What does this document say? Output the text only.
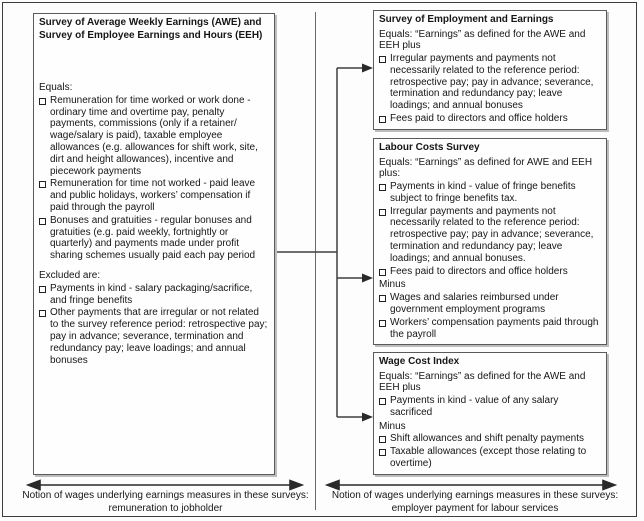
Survey of Average Weekly Earnings (AWE) and Survey of Employee Earnings and Hours (EEH)
Equals:
Remuneration for time worked or work done - ordinary time and overtime pay, penalty payments, commissions (only if a retainer/ wage/salary is paid), taxable employee allowances (e.g. allowances for shift work, site, dirt and height allowances), incentive and piecework payments
Remuneration for time not worked - paid leave and public holidays, workers’ compensation if paid through the payroll
Bonuses and gratuities - regular bonuses and gratuities (e.g. paid weekly, fortnightly or quarterly) and payments made under profit sharing schemes usually paid each pay period
Excluded are:
Payments in kind - salary packaging/sacrifice, and fringe benefits
Other payments that are irregular or not related to the survey reference period: retrospective pay; pay in advance; severance, termination and redundancy pay; leave loadings; and annual bonuses
Survey of Employment and Earnings
Equals: “Earnings” as defined for the AWE and EEH plus
Irregular payments and payments not necessarily related to the reference period: retrospective pay; pay in advance; severance, termination and redundancy pay; leave loadings; and annual bonuses
Fees paid to directors and office holders
Labour Costs Survey
Equals: “Earnings” as defined for AWE and EEH plus:
Payments in kind - value of fringe benefits subject to fringe benefits tax.
Irregular payments and payments not necessarily related to the reference period: retrospective pay; pay in advance; severance, termination and redundancy pay; leave loadings; and annual bonuses.
Fees paid to directors and office holders
Minus
Wages and salaries reimbursed under government employment programs
Workers’ compensation payments paid through the payroll
Wage Cost Index
Equals: “Earnings” as defined for the AWE and EEH plus
Payments in kind - value of any salary sacrificed
Minus
Shift allowances and shift penalty payments
Taxable allowances (except those relating to overtime)
Notion of wages underlying earnings measures in these surveys:
remuneration to jobholder
Notion of wages underlying earnings measures in these surveys:
employer payment for labour services
